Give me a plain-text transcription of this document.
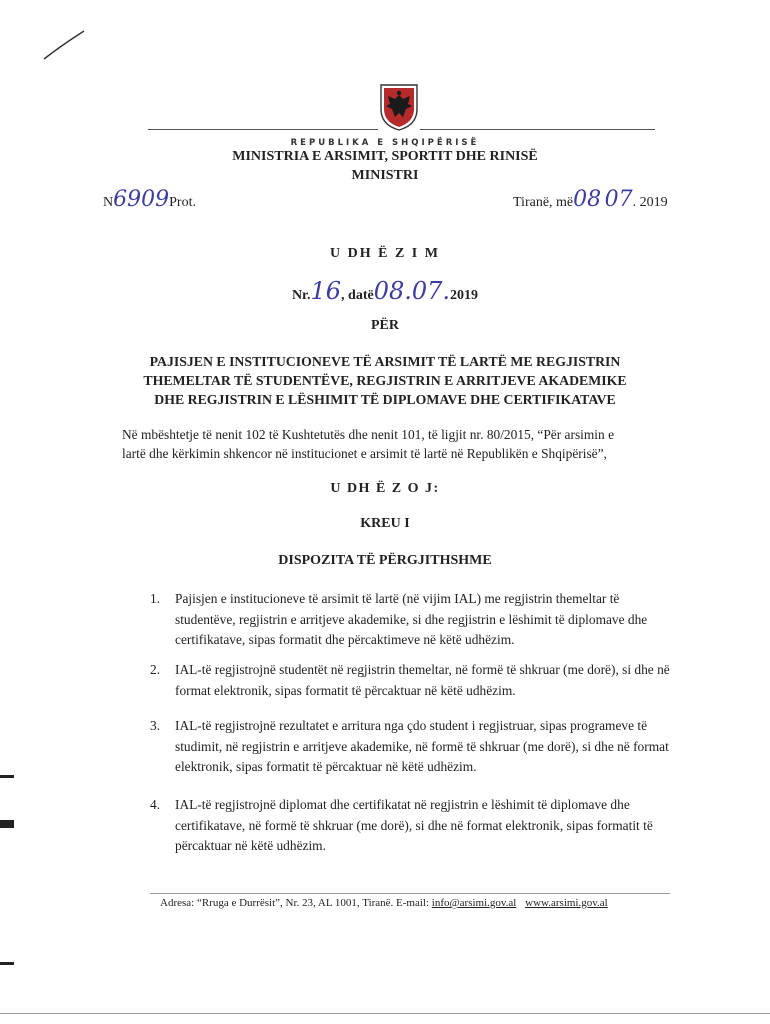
REPUBLIKA E SHQIPËRISË
MINISTRIA E ARSIMIT, SPORTIT DHE RINISË
MINISTRI
N6909Prot.	Tiranë, më08 07. 2019
U DH Ë Z I M
Nr.16, datë08.07.2019
PËR
PAJISJEN E INSTITUCIONEVE TË ARSIMIT TË LARTË ME REGJISTRIN
THEMELTAR TË STUDENTËVE, REGJISTRIN E ARRITJEVE AKADEMIKE
DHE REGJISTRIN E LËSHIMIT TË DIPLOMAVE DHE CERTIFIKATAVE
Në mbështetje të nenit 102 të Kushtetutës dhe nenit 101, të ligjit nr. 80/2015, “Për arsimin e
lartë dhe kërkimin shkencor në institucionet e arsimit të lartë në Republikën e Shqipërisë”,
U DH Ë Z O J:
KREU I
DISPOZITA TË PËRGJITHSHME
1.	Pajisjen e institucioneve të arsimit të lartë (në vijim IAL) me regjistrin themeltar të studentëve, regjistrin e arritjeve akademike, si dhe regjistrin e lëshimit të diplomave dhe certifikatave, sipas formatit dhe përcaktimeve në këtë udhëzim.
2.	IAL-të regjistrojnë studentët në regjistrin themeltar, në formë të shkruar (me dorë), si dhe në format elektronik, sipas formatit të përcaktuar në këtë udhëzim.
3.	IAL-të regjistrojnë rezultatet e arritura nga çdo student i regjistruar, sipas programeve të studimit, në regjistrin e arritjeve akademike, në formë të shkruar (me dorë), si dhe në format elektronik, sipas formatit të përcaktuar në këtë udhëzim.
4.	IAL-të regjistrojnë diplomat dhe certifikatat në regjistrin e lëshimit të diplomave dhe certifikatave, në formë të shkruar (me dorë), si dhe në format elektronik, sipas formatit të përcaktuar në këtë udhëzim.
Adresa: “Rruga e Durrësit”, Nr. 23, AL 1001, Tiranë. E-mail: info@arsimi.gov.al www.arsimi.gov.al
